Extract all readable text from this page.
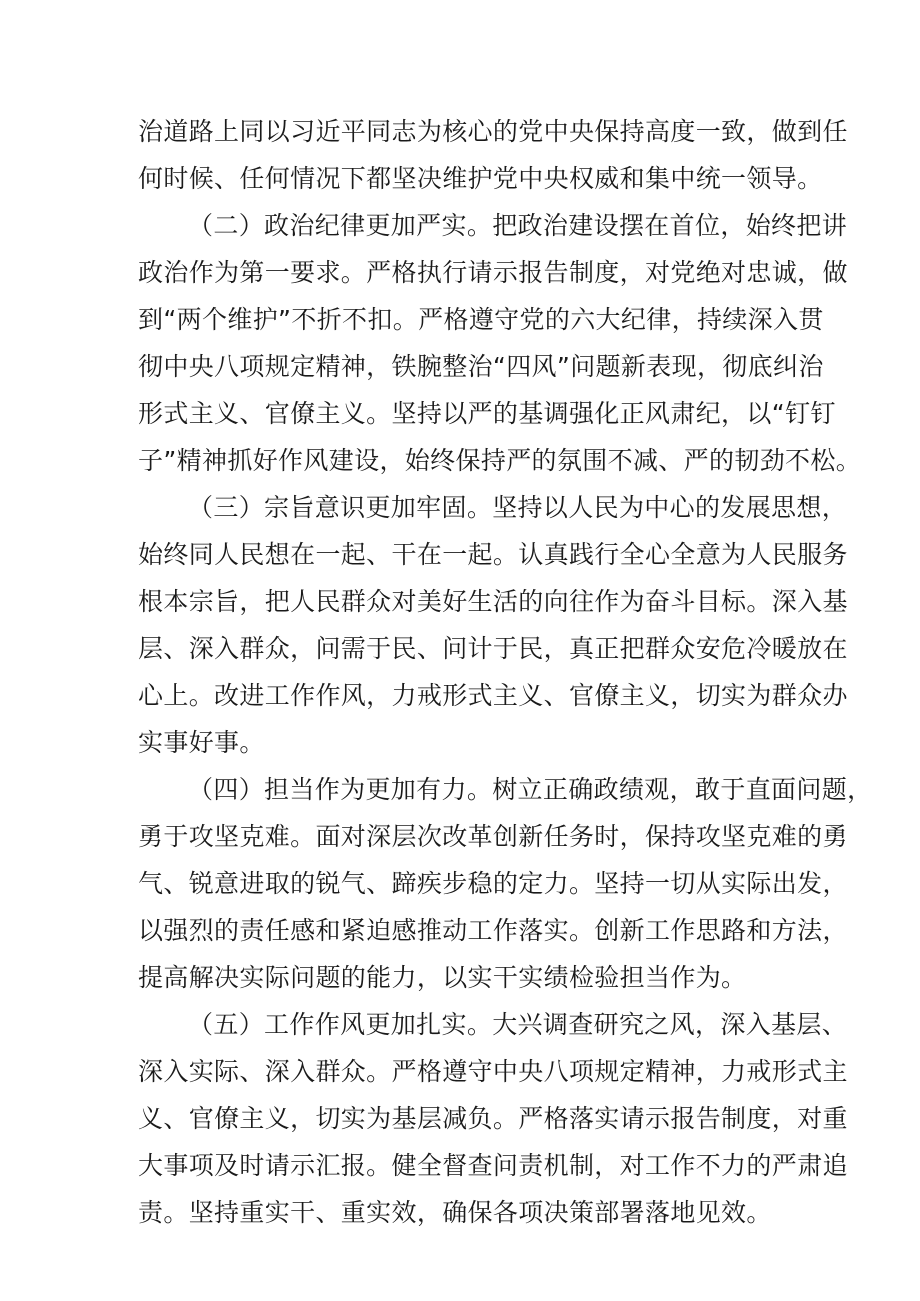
治道路上同以习近平同志为核心的党中央保持高度一致，做到任
何时候、任何情况下都坚决维护党中央权威和集中统一领导。
（二）政治纪律更加严实。把政治建设摆在首位，始终把讲
政治作为第一要求。严格执行请示报告制度，对党绝对忠诚，做
到“两个维护”不折不扣。严格遵守党的六大纪律，持续深入贯
彻中央八项规定精神，铁腕整治“四风”问题新表现，彻底纠治
形式主义、官僚主义。坚持以严的基调强化正风肃纪，以“钉钉
子”精神抓好作风建设，始终保持严的氛围不减、严的韧劲不松。
（三）宗旨意识更加牢固。坚持以人民为中心的发展思想，
始终同人民想在一起、干在一起。认真践行全心全意为人民服务
根本宗旨，把人民群众对美好生活的向往作为奋斗目标。深入基
层、深入群众，问需于民、问计于民，真正把群众安危冷暖放在
心上。改进工作作风，力戒形式主义、官僚主义，切实为群众办
实事好事。
（四）担当作为更加有力。树立正确政绩观，敢于直面问题，
勇于攻坚克难。面对深层次改革创新任务时，保持攻坚克难的勇
气、锐意进取的锐气、蹄疾步稳的定力。坚持一切从实际出发，
以强烈的责任感和紧迫感推动工作落实。创新工作思路和方法，
提高解决实际问题的能力，以实干实绩检验担当作为。
（五）工作作风更加扎实。大兴调查研究之风，深入基层、
深入实际、深入群众。严格遵守中央八项规定精神，力戒形式主
义、官僚主义，切实为基层减负。严格落实请示报告制度，对重
大事项及时请示汇报。健全督查问责机制，对工作不力的严肃追
责。坚持重实干、重实效，确保各项决策部署落地见效。
